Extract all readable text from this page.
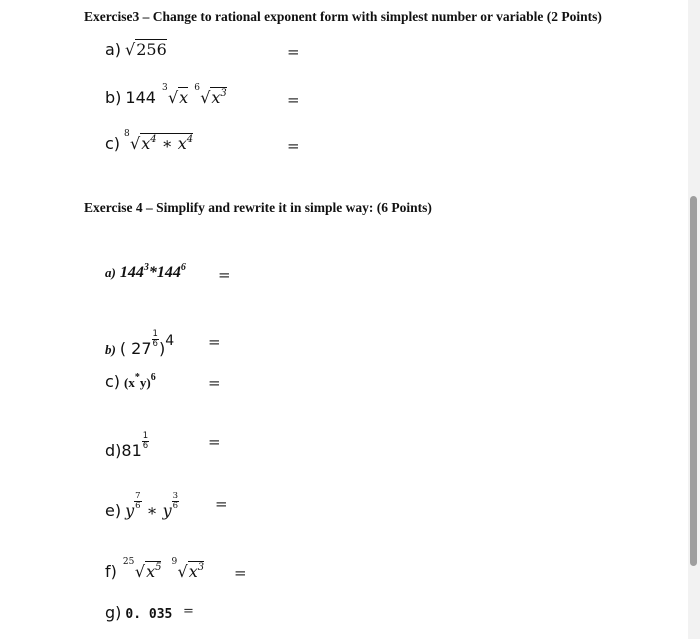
Exercise3 – Change to rational exponent form with simplest number or variable (2 Points)
a) √256	=
b) 144 3 √x 6 $√x^3$	=
c) 8 $√x^4$ ∗ $x^4$	=
Exercise 4 – Simplify and rewrite it in simple way: (6 Points)
a) $144^3*144^6$ =
b) ( $27 \frac{1}{6} )^4$ =
c) $(x^*y)^6$	=
$d)81 \frac{1}{6}$	=
e) y $\frac{7}{6}$ ∗ y $\frac{3}{6}$ =
f) 25 $√x^5$ 9 $√x^3$ =
g) 0. 035 =
